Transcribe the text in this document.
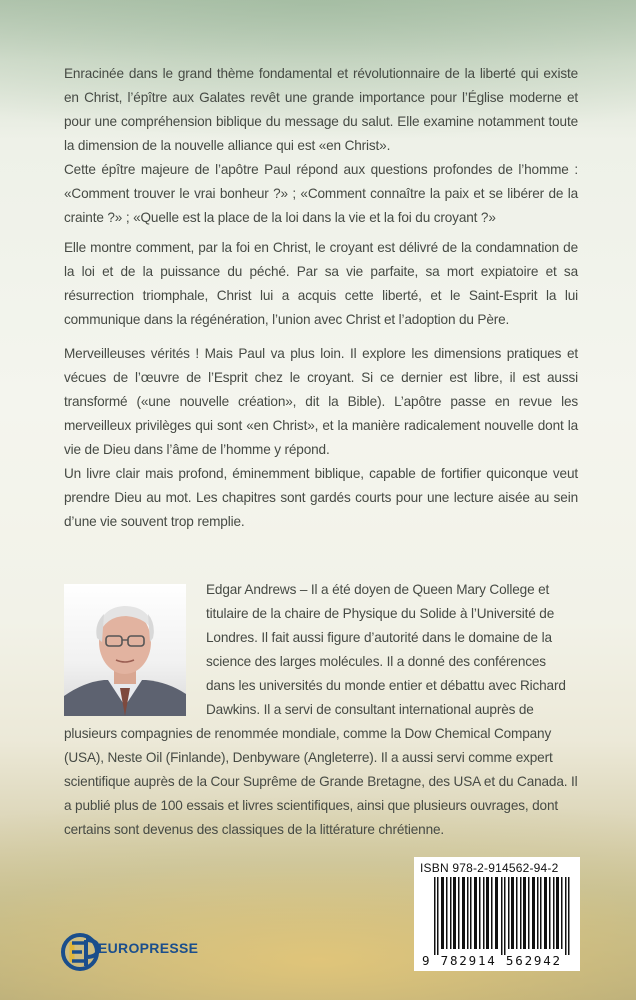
Enracinée dans le grand thème fondamental et révolutionnaire de la liberté qui existe en Christ, l’épître aux Galates revêt une grande importance pour l’Église moderne et pour une compréhension biblique du message du salut. Elle examine notamment toute la dimension de la nouvelle alliance qui est «en Christ».

Cette épître majeure de l’apôtre Paul répond aux questions profondes de l’homme : «Comment trouver le vrai bonheur ?» ; «Comment connaître la paix et se libérer de la crainte ?» ; «Quelle est la place de la loi dans la vie et la foi du croyant ?»

Elle montre comment, par la foi en Christ, le croyant est délivré de la condamnation de la loi et de la puissance du péché. Par sa vie parfaite, sa mort expiatoire et sa résurrection triomphale, Christ lui a acquis cette liberté, et le Saint-Esprit la lui communique dans la régénération, l’union avec Christ et l’adoption du Père.

Merveilleuses vérités ! Mais Paul va plus loin. Il explore les dimensions pratiques et vécues de l’œuvre de l’Esprit chez le croyant. Si ce dernier est libre, il est aussi transformé («une nouvelle création», dit la Bible). L’apôtre passe en revue les merveilleux privilèges qui sont «en Christ», et la manière radicalement nouvelle dont la vie de Dieu dans l’âme de l’homme y répond.

Un livre clair mais profond, éminemment biblique, capable de fortifier quiconque veut prendre Dieu au mot. Les chapitres sont gardés courts pour une lecture aisée au sein d’une vie souvent trop remplie.

Edgar Andrews – Il a été doyen de Queen Mary College et titulaire de la chaire de Physique du Solide à l’Université de Londres. Il fait aussi figure d’autorité dans le domaine de la science des larges molécules. Il a donné des conférences dans les universités du monde entier et débattu avec Richard Dawkins. Il a servi de consultant international auprès de plusieurs compagnies de renommée mondiale, comme la Dow Chemical Company (USA), Neste Oil (Finlande), Denbyware (Angleterre). Il a aussi servi comme expert scientifique auprès de la Cour Suprême de Grande Bretagne, des USA et du Canada. Il a publié plus de 100 essais et livres scientifiques, ainsi que plusieurs ouvrages, dont certains sont devenus des classiques de la littérature chrétienne.
ISBN 978-2-914562-94-2
9 782914 562942
EUROPRESSE
